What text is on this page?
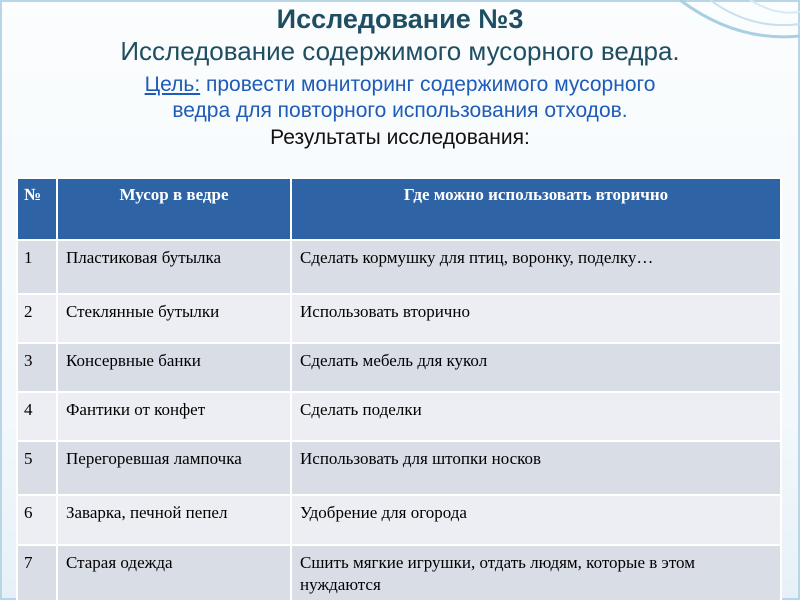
Исследование №3
Исследование содержимого мусорного ведра.
Цель: провести мониторинг содержимого мусорного
ведра для повторного использования отходов.
Результаты исследования:
№	Мусор в ведре	Где можно использовать вторично
1	Пластиковая бутылка	Сделать кормушку для птиц, воронку, поделку…
2	Стеклянные бутылки	Использовать вторично
3	Консервные банки	Сделать мебель для кукол
4	Фантики от конфет	Сделать поделки
5	Перегоревшая лампочка	Использовать для штопки носков
6	Заварка, печной пепел	Удобрение для огорода
7	Старая одежда	Сшить мягкие игрушки, отдать людям, которые в этом нуждаются
